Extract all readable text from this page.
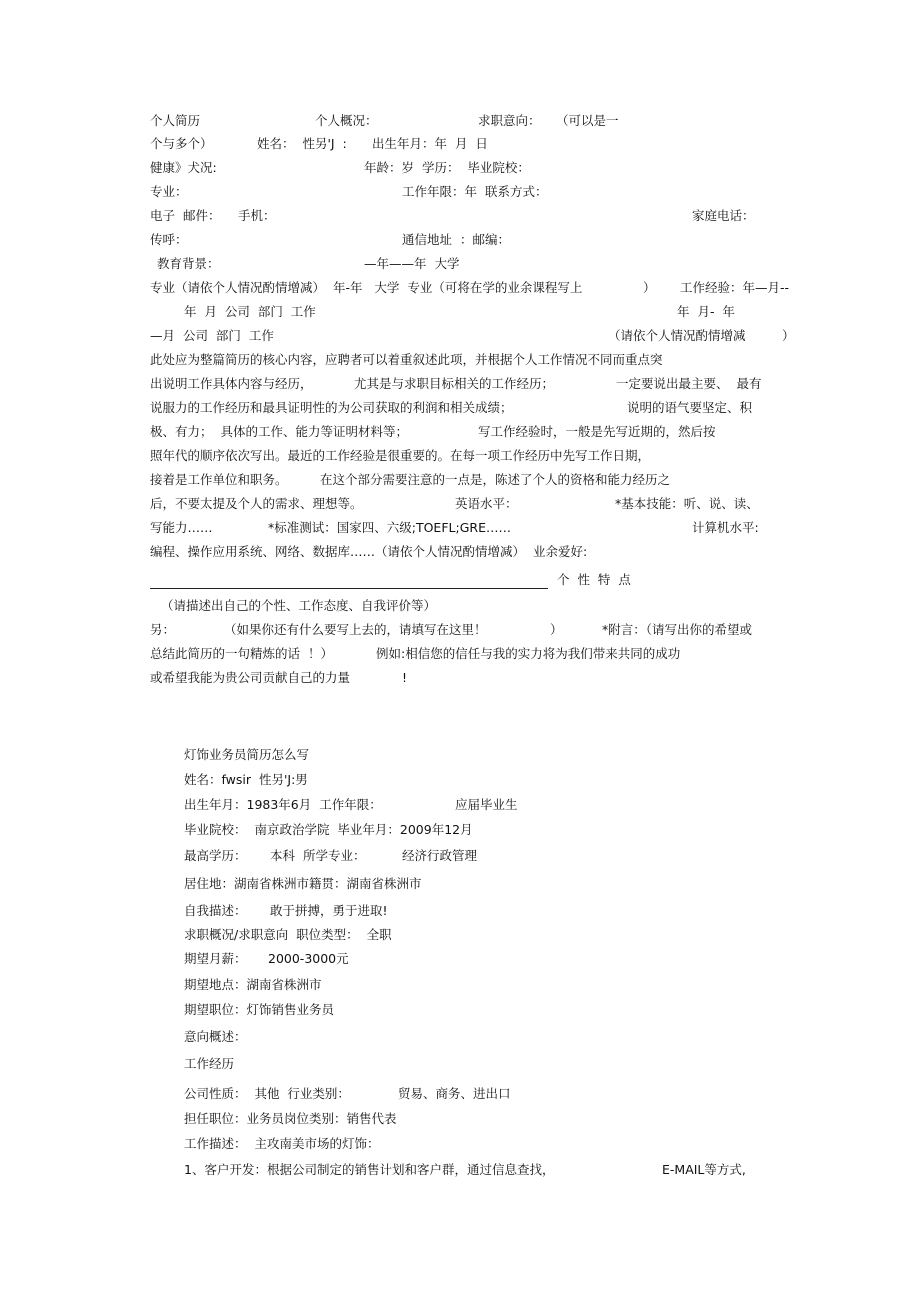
个人简历	个人概况：	求职意向： （可以是一
个与多个）	姓名：  性另'J  : 出生年月：年  月  日
健康》犬况:	年龄：岁  学历：  毕业院校：
专业：	工作年限：年  联系方式：
电子  邮件： 手机：	家庭电话：
传呼：	通信地址  ：邮编：
教育背景：	—年——年  大学
专业（请依个人情况酌情增减）  年-年   大学  专业（可将在学的业余课程写上	） 工作经验：年—月--
年  月  公司  部门  工作	年  月-  年
—月  公司  部门  工作	（请依个人情况酌情增减	）
此处应为整篇简历的核心内容，应聘者可以着重叙述此项，并根据个人工作情况不同而重点突
出说明工作具体内容与经历，	尤其是与求职目标相关的工作经历；	一定要说出最主要、  最有
说服力的工作经历和最具证明性的为公司获取的利润和相关成绩；	说明的语气要坚定、积
极、有力；  具体的工作、能力等证明材料等；	写工作经验时，一般是先写近期的，然后按
照年代的顺序依次写出。最近的工作经验是很重要的。在每一项工作经历中先写工作日期，
接着是工作单位和职务。	在这个部分需要注意的一点是，陈述了个人的资格和能力经历之
后，不要太提及个人的需求、理想等。	英语水平：	*基本技能：听、说、读、
写能力……	*标准测试：国家四、六级;TOEFL;GRE……	计算机水平:
编程、操作应用系统、网络、数据库……（请依个人情况酌情增减）  业余爱好:
个  性  特  点
（请描述出自己的个性、工作态度、自我评价等）
另：	（如果你还有什么要写上去的，请填写在这里！	）	*附言：（请写出你的希望或
总结此简历的一句精炼的话  ！）	例如:相信您的信任与我的实力将为我们带来共同的成功
或希望我能为贵公司贡献自己的力量	!
灯饰业务员简历怎么写
姓名：fwsir  性另'J:男
出生年月：1983年6月  工作年限：	应届毕业生
毕业院校：  南京政治学院  毕业年月：2009年12月
最高学历： 本科  所学专业：	经济行政管理
居住地：湖南省株洲市籍贯：湖南省株洲市
自我描述： 敢于拼搏，勇于进取!
求职概况/求职意向  职位类型：  全职
期望月薪： 2000-3000元
期望地点：湖南省株洲市
期望职位：灯饰销售业务员
意向概述：
工作经历
公司性质：  其他  行业类别：	贸易、商务、进出口
担任职位：业务员岗位类别：销售代表
工作描述：  主攻南美市场的灯饰：
1、客户开发：根据公司制定的销售计划和客户群，通过信息查找，	E-MAIL等方式,
